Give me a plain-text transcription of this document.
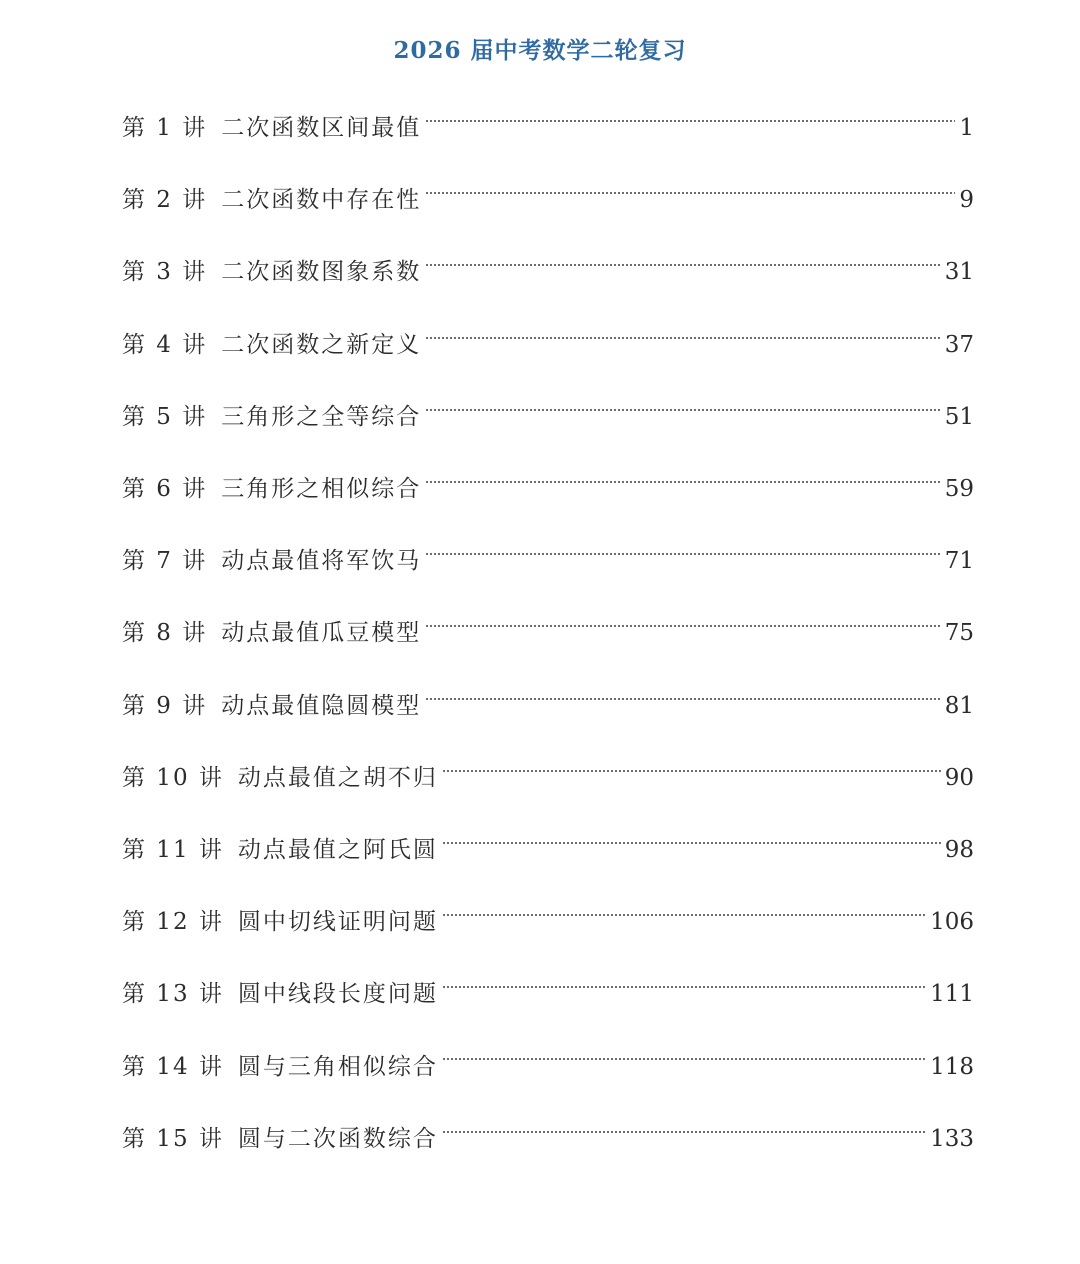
2026 届中考数学二轮复习
第 1 讲 二次函数区间最值	1
第 2 讲 二次函数中存在性	9
第 3 讲 二次函数图象系数	31
第 4 讲 二次函数之新定义	37
第 5 讲 三角形之全等综合	51
第 6 讲 三角形之相似综合	59
第 7 讲 动点最值将军饮马	71
第 8 讲 动点最值瓜豆模型	75
第 9 讲 动点最值隐圆模型	81
第 10 讲 动点最值之胡不归	90
第 11 讲 动点最值之阿氏圆	98
第 12 讲 圆中切线证明问题	106
第 13 讲 圆中线段长度问题	111
第 14 讲 圆与三角相似综合	118
第 15 讲 圆与二次函数综合	133
